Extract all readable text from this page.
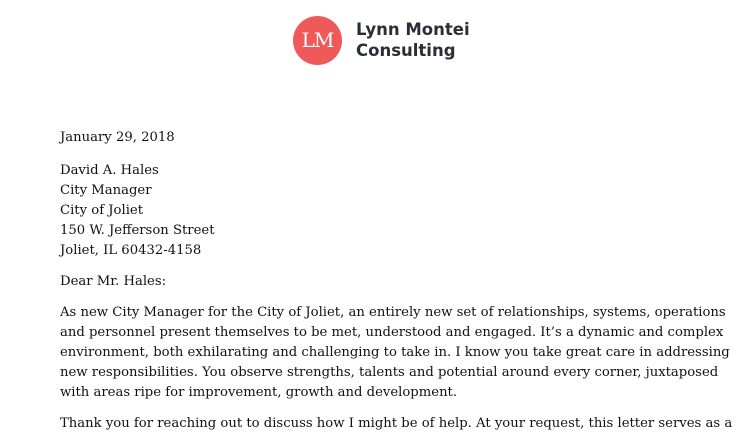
LM	Lynn Montei
Consulting
January 29, 2018
David A. Hales
City Manager
City of Joliet
150 W. Jefferson Street
Joliet, IL 60432-4158
Dear Mr. Hales:
As new City Manager for the City of Joliet, an entirely new set of relationships, systems, operations
and personnel present themselves to be met, understood and engaged. It’s a dynamic and complex
environment, both exhilarating and challenging to take in. I know you take great care in addressing
new responsibilities. You observe strengths, talents and potential around every corner, juxtaposed
with areas ripe for improvement, growth and development.
Thank you for reaching out to discuss how I might be of help. At your request, this letter serves as a
